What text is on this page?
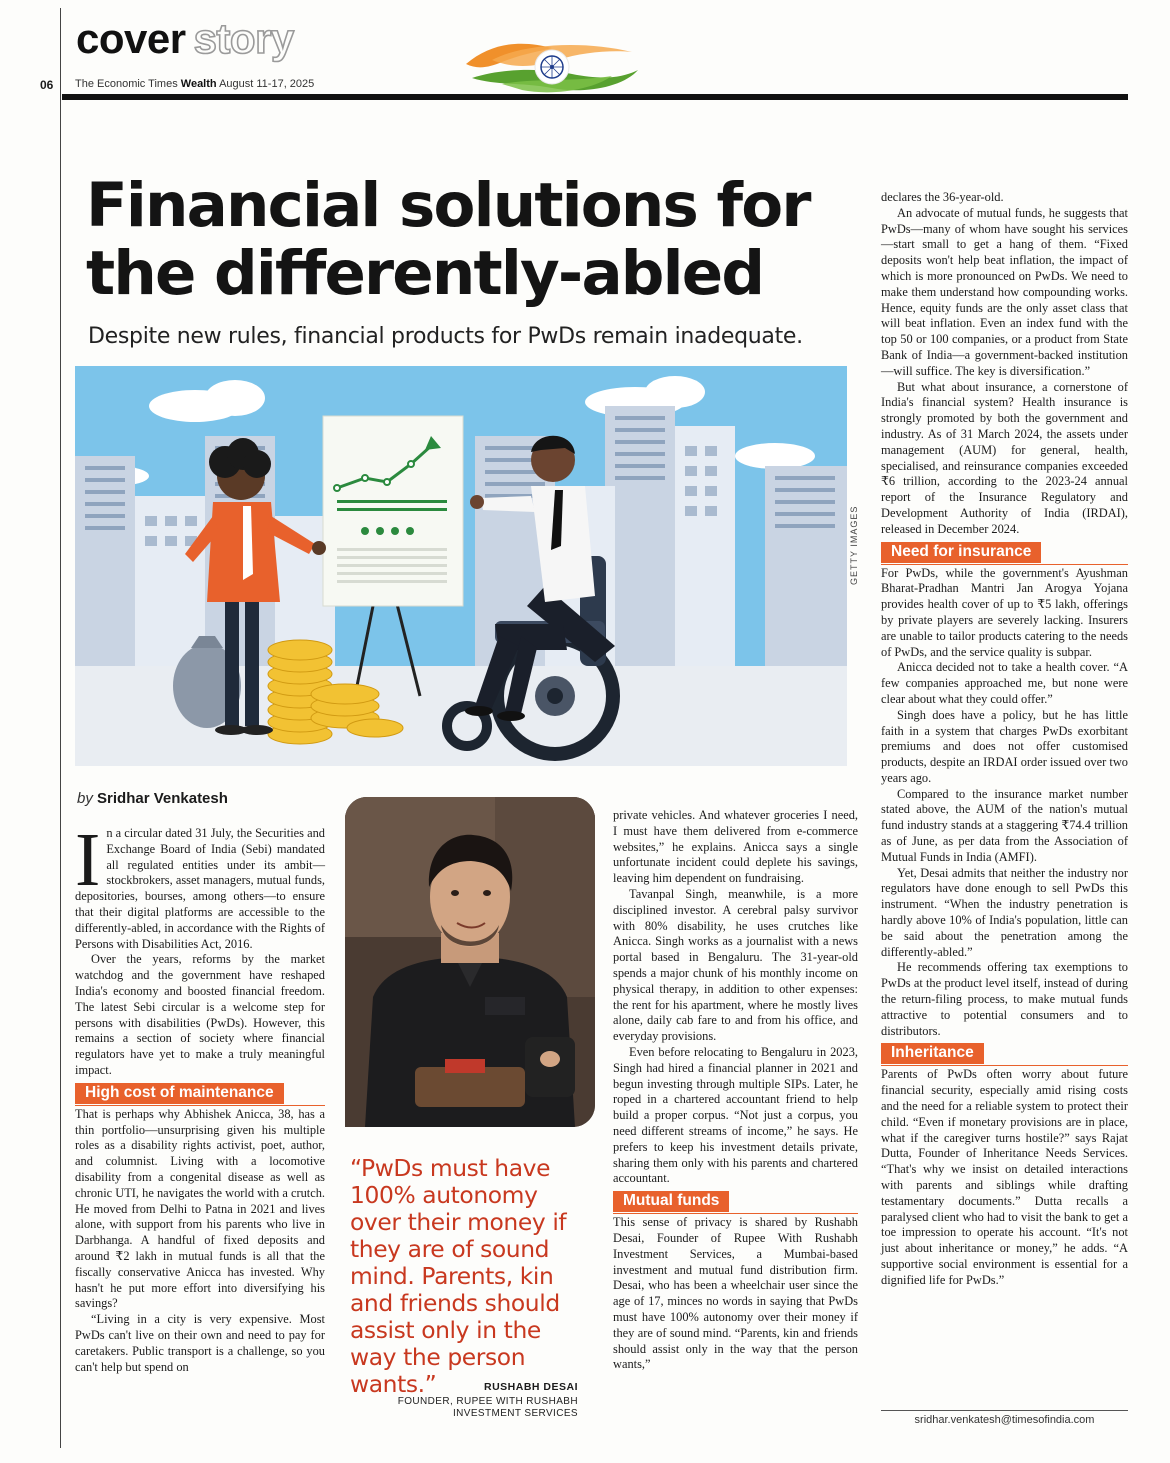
cover story
06 The Economic Times Wealth August 11-17, 2025
Financial solutions for the differently-abled
Despite new rules, financial products for PwDs remain inadequate.
GETTY IMAGES
by Sridhar Venkatesh

In a circular dated 31 July, the Securities and Exchange Board of India (Sebi) mandated all regulated entities under its ambit—stockbrokers, asset managers, mutual funds, depositories, bourses, among others—to ensure that their digital platforms are accessible to the differently-abled, in accordance with the Rights of Persons with Disabilities Act, 2016.

Over the years, reforms by the market watchdog and the government have reshaped India's economy and boosted financial freedom. The latest Sebi circular is a welcome step for persons with disabilities (PwDs). However, this remains a section of society where financial regulators have yet to make a truly meaningful impact.

High cost of maintenance

That is perhaps why Abhishek Anicca, 38, has a thin portfolio—unsurprising given his multiple roles as a disability rights activist, poet, author, and columnist. Living with a locomotive disability from a congenital disease as well as chronic UTI, he navigates the world with a crutch. He moved from Delhi to Patna in 2021 and lives alone, with support from his parents who live in Darbhanga. A handful of fixed deposits and around ₹2 lakh in mutual funds is all that the fiscally conservative Anicca has invested. Why hasn't he put more effort into diversifying his savings?

“Living in a city is very expensive. Most PwDs can't live on their own and need to pay for caretakers. Public transport is a challenge, so you can't help but spend on

“PwDs must have 100% autonomy over their money if they are of sound mind. Parents, kin and friends should assist only in the way the person wants.”	RUSHABH DESAI
FOUNDER, RUPEE WITH RUSHABH INVESTMENT SERVICES

private vehicles. And whatever groceries I need, I must have them delivered from e-commerce websites,” he explains. Anicca says a single unfortunate incident could deplete his savings, leaving him dependent on fundraising.

Tavanpal Singh, meanwhile, is a more disciplined investor. A cerebral palsy survivor with 80% disability, he uses crutches like Anicca. Singh works as a journalist with a news portal based in Bengaluru. The 31-year-old spends a major chunk of his monthly income on physical therapy, in addition to other expenses: the rent for his apartment, where he mostly lives alone, daily cab fare to and from his office, and everyday provisions.

Even before relocating to Bengaluru in 2023, Singh had hired a financial planner in 2021 and begun investing through multiple SIPs. Later, he roped in a chartered accountant friend to help build a proper corpus. “Not just a corpus, you need different streams of income,” he says. He prefers to keep his investment details private, sharing them only with his parents and chartered accountant.

Mutual funds

This sense of privacy is shared by Rushabh Desai, Founder of Rupee With Rushabh Investment Services, a Mumbai-based investment and mutual fund distribution firm. Desai, who has been a wheelchair user since the age of 17, minces no words in saying that PwDs must have 100% autonomy over their money if they are of sound mind. “Parents, kin and friends should assist only in the way that the person wants,”

declares the 36-year-old.

An advocate of mutual funds, he suggests that PwDs—many of whom have sought his services—start small to get a hang of them. “Fixed deposits won't help beat inflation, the impact of which is more pronounced on PwDs. We need to make them understand how compounding works. Hence, equity funds are the only asset class that will beat inflation. Even an index fund with the top 50 or 100 companies, or a product from State Bank of India—a government-backed institution—will suffice. The key is diversification.”

But what about insurance, a cornerstone of India's financial system? Health insurance is strongly promoted by both the government and industry. As of 31 March 2024, the assets under management (AUM) for general, health, specialised, and reinsurance companies exceeded ₹6 trillion, according to the 2023-24 annual report of the Insurance Regulatory and Development Authority of India (IRDAI), released in December 2024.

Need for insurance

For PwDs, while the government's Ayushman Bharat-Pradhan Mantri Jan Arogya Yojana provides health cover of up to ₹5 lakh, offerings by private players are severely lacking. Insurers are unable to tailor products catering to the needs of PwDs, and the service quality is subpar.

Anicca decided not to take a health cover. “A few companies approached me, but none were clear about what they could offer.”

Singh does have a policy, but he has little faith in a system that charges PwDs exorbitant premiums and does not offer customised products, despite an IRDAI order issued over two years ago.

Compared to the insurance market number stated above, the AUM of the nation's mutual fund industry stands at a staggering ₹74.4 trillion as of June, as per data from the Association of Mutual Funds in India (AMFI).

Yet, Desai admits that neither the industry nor regulators have done enough to sell PwDs this instrument. “When the industry penetration is hardly above 10% of India's population, little can be said about the penetration among the differently-abled.”

He recommends offering tax exemptions to PwDs at the product level itself, instead of during the return-filing process, to make mutual funds attractive to potential consumers and to distributors.

Inheritance

Parents of PwDs often worry about future financial security, especially amid rising costs and the need for a reliable system to protect their child. “Even if monetary provisions are in place, what if the caregiver turns hostile?” says Rajat Dutta, Founder of Inheritance Needs Services. “That's why we insist on detailed interactions with parents and siblings while drafting testamentary documents.” Dutta recalls a paralysed client who had to visit the bank to get a toe impression to operate his account. “It's not just about inheritance or money,” he adds. “A supportive social environment is essential for a dignified life for PwDs.”

sridhar.venkatesh@timesofindia.com
